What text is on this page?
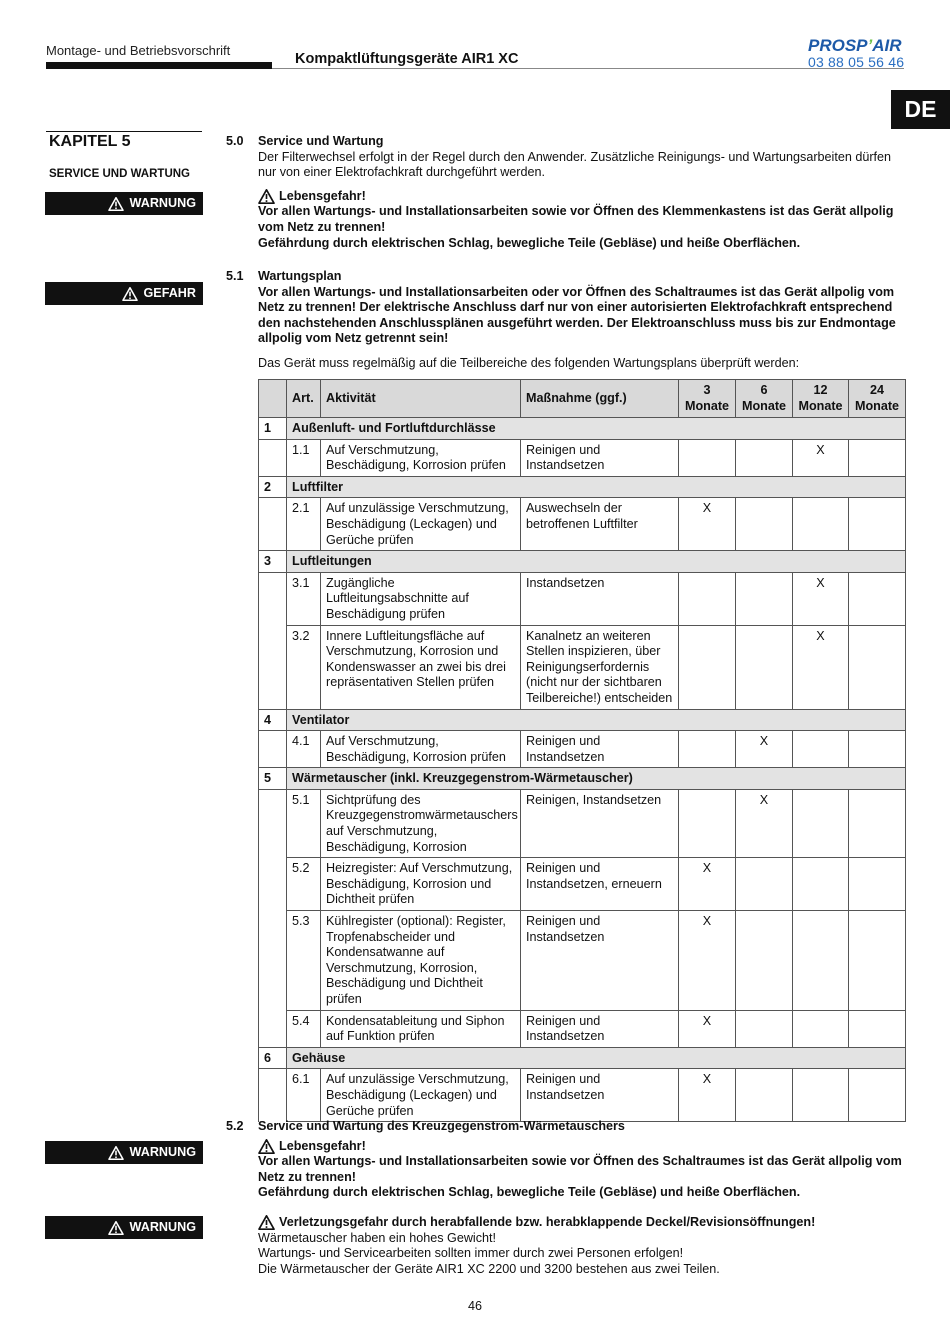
Montage- und Betriebsvorschrift
Kompaktlüftungsgeräte AIR1 XC
PROSP’AIR
03 88 05 56 46
DE
KAPITEL 5
SERVICE UND WARTUNG
WARNUNG
GEFAHR
WARNUNG
WARNUNG
5.0 Service und Wartung

Der Filterwechsel erfolgt in der Regel durch den Anwender. Zusätzliche Reinigungs- und Wartungsarbeiten dürfen nur von einer Elektrofachkraft durchgeführt werden.

Lebensgefahr!

Vor allen Wartungs- und Installationsarbeiten sowie vor Öffnen des Klemmenkastens ist das Gerät allpolig vom Netz zu trennen!

Gefährdung durch elektrischen Schlag, bewegliche Teile (Gebläse) und heiße Oberflächen.

5.1 Wartungsplan

Vor allen Wartungs- und Installationsarbeiten oder vor Öffnen des Schaltraumes ist das Gerät allpolig vom Netz zu trennen! Der elektrische Anschluss darf nur von einer autorisierten Elektrofachkraft entsprechend den nachstehenden Anschlussplänen ausgeführt werden. Der Elektroanschluss muss bis zur Endmontage allpolig vom Netz getrennt sein!

Das Gerät muss regelmäßig auf die Teilbereiche des folgenden Wartungsplans überprüft werden:

	Art.	Aktivität	Maßnahme (ggf.)	3 Monate	6 Monate	12 Monate	24 Monate
1	Außenluft- und Fortluftdurchlässe						
	1.1	Auf Verschmutzung, Beschädigung, Korrosion prüfen	Reinigen und Instandsetzen			X	
2	Luftfilter						
	2.1	Auf unzulässige Verschmutzung, Beschädigung (Leckagen) und Gerüche prüfen	Auswechseln der betroffenen Luftfilter	X			
3	Luftleitungen						
	3.1	Zugängliche Luftleitungsabschnitte auf Beschädigung prüfen	Instandsetzen			X	
	3.2	Innere Luftleitungsfläche auf Verschmutzung, Korrosion und Kondenswasser an zwei bis drei repräsentativen Stellen prüfen	Kanalnetz an weiteren Stellen inspizieren, über Reinigungserfordernis (nicht nur der sichtbaren Teilbereiche!) entscheiden			X	
4	Ventilator						
	4.1	Auf Verschmutzung, Beschädigung, Korrosion prüfen	Reinigen und Instandsetzen		X		
5	Wärmetauscher (inkl. Kreuzgegenstrom-Wärmetauscher)						
	5.1	Sichtprüfung des Kreuzgegenstromwärmetauschers auf Verschmutzung, Beschädigung, Korrosion	Reinigen, Instandsetzen		X		
	5.2	Heizregister: Auf Verschmutzung, Beschädigung, Korrosion und Dichtheit prüfen	Reinigen und Instandsetzen, erneuern	X			
	5.3	Kühlregister (optional): Register, Tropfenabscheider und Kondensatwanne auf Verschmutzung, Korrosion, Beschädigung und Dichtheit prüfen	Reinigen und Instandsetzen	X			
	5.4	Kondensatableitung und Siphon auf Funktion prüfen	Reinigen und Instandsetzen	X			
6	Gehäuse						
	6.1	Auf unzulässige Verschmutzung, Beschädigung (Leckagen) und Gerüche prüfen	Reinigen und Instandsetzen	X			
5.2 Service und Wartung des Kreuzgegenstrom-Wärmetauschers

Lebensgefahr!

Vor allen Wartungs- und Installationsarbeiten sowie vor Öffnen des Schaltraumes ist das Gerät allpolig vom Netz zu trennen!

Gefährdung durch elektrischen Schlag, bewegliche Teile (Gebläse) und heiße Oberflächen.

Verletzungsgefahr durch herabfallende bzw. herabklappende Deckel/Revisionsöffnungen!

Wärmetauscher haben ein hohes Gewicht!

Wartungs- und Servicearbeiten sollten immer durch zwei Personen erfolgen!

Die Wärmetauscher der Geräte AIR1 XC 2200 und 3200 bestehen aus zwei Teilen.

46
